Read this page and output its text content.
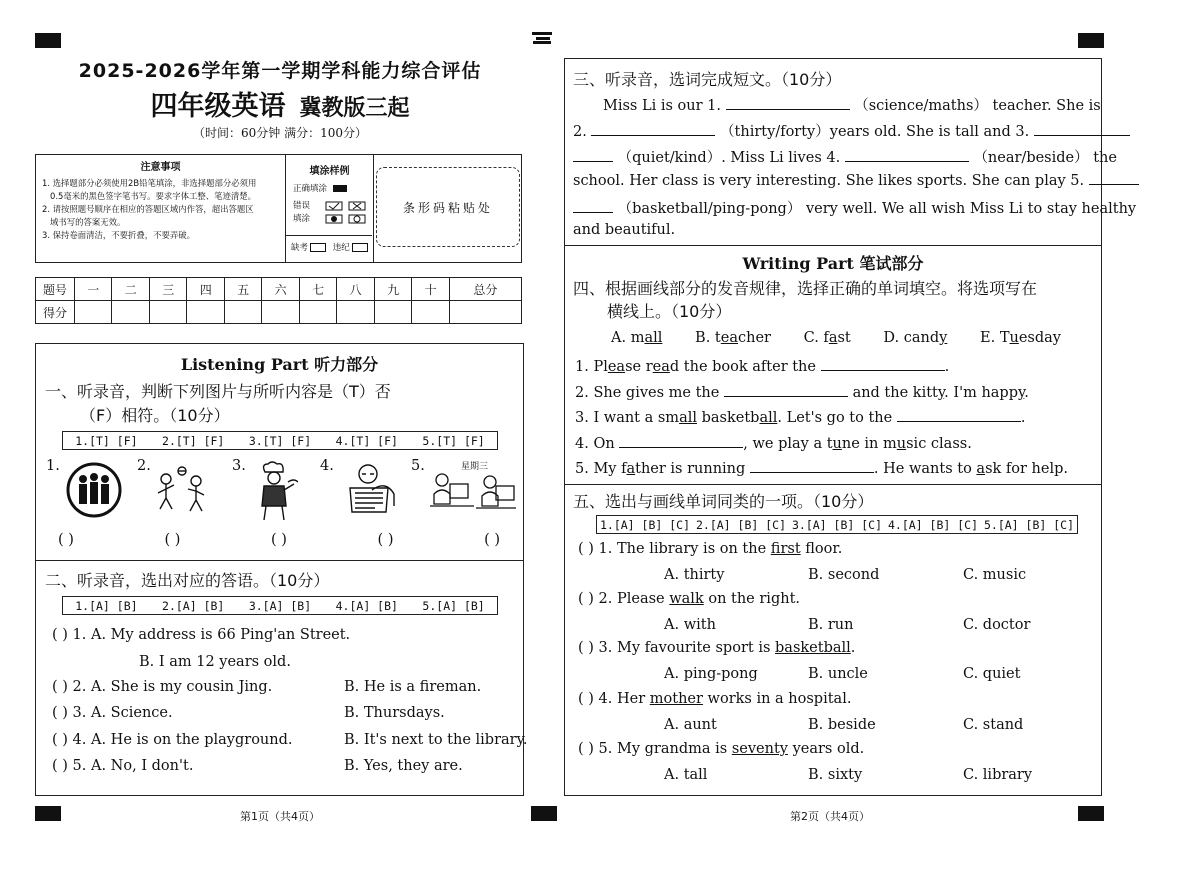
2025-2026学年第一学期学科能力综合评估
四年级英语 冀教版三起
（时间：60分钟 满分：100分）
注意事项
1. 选择题部分必须使用2B铅笔填涂，非选择题部分必须用
0.5毫米的黑色签字笔书写。要求字体工整、笔迹清楚。
2. 请按照题号顺序在相应的答题区域内作答，超出答题区
域书写的答案无效。
3. 保持卷面清洁，不要折叠，不要弄破。
填涂样例
正确填涂
错误
填涂
缺考	违纪
条形码粘贴处
题号	一	二	三	四	五	六	七	八	九	十	总分
得分											
Listening Part 听力部分
一、听录音，判断下列图片与所听内容是（T）否
（F）相符。（10分）
1.[T] [F] 2.[T] [F] 3.[T] [F] 4.[T] [F] 5.[T] [F]
1.	2.	3.	4.	5.	星期三
( )	( )	( )	( )	( )
二、听录音，选出对应的答语。（10分）
1.[A] [B] 2.[A] [B] 3.[A] [B] 4.[A] [B] 5.[A] [B]
( ) 1. A. My address is 66 Ping'an Street.
B. I am 12 years old.
( ) 2. A. She is my cousin Jing.	B. He is a fireman.
( ) 3. A. Science.	B. Thursdays.
( ) 4. A. He is on the playground.	B. It's next to the library.
( ) 5. A. No, I don't.	B. Yes, they are.
第1页（共4页）
三、听录音，选词完成短文。（10分）
Miss Li is our 1.	（science/maths） teacher. She is
2.	（thirty/forty）years old. She is tall and 3.
（quiet/kind）. Miss Li lives 4.	（near/beside） the
school. Her class is very interesting. She likes sports. She can play 5.
（basketball/ping-pong） very well. We all wish Miss Li to stay healthy
and beautiful.
Writing Part 笔试部分
四、根据画线部分的发音规律，选择正确的单词填空。将选项写在
横线上。（10分）
A. mall B. teacher C. fast D. candy E. Tuesday
1. Please read the book after the	.
2. She gives me the	and the kitty. I'm happy.
3. I want a small basketball. Let's go to the	.
4. On	, we play a tune in music class.
5. My father is running	. He wants to ask for help.
五、选出与画线单词同类的一项。（10分）
1.[A] [B] [C] 2.[A] [B] [C] 3.[A] [B] [C] 4.[A] [B] [C] 5.[A] [B] [C]
( ) 1. The library is on the first floor.
A. thirty	B. second	C. music
( ) 2. Please walk on the right.
A. with	B. run	C. doctor
( ) 3. My favourite sport is basketball.
A. ping-pong	B. uncle	C. quiet
( ) 4. Her mother works in a hospital.
A. aunt	B. beside	C. stand
( ) 5. My grandma is seventy years old.
A. tall	B. sixty	C. library
第2页（共4页）
